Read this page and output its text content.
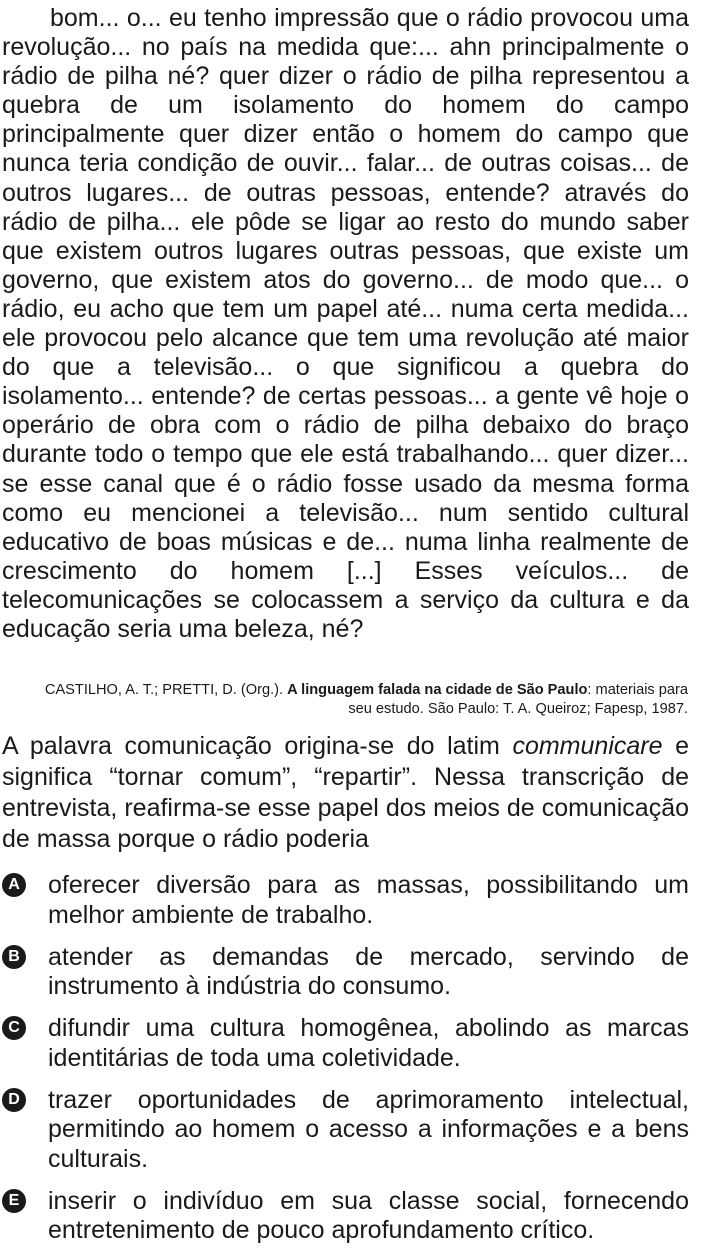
bom... o... eu tenho impressão que o rádio provocou uma revolução... no país na medida que:... ahn principalmente o rádio de pilha né? quer dizer o rádio de pilha representou a quebra de um isolamento do homem do campo principalmente quer dizer então o homem do campo que nunca teria condição de ouvir... falar... de outras coisas... de outros lugares... de outras pessoas, entende? através do rádio de pilha... ele pôde se ligar ao resto do mundo saber que existem outros lugares outras pessoas, que existe um governo, que existem atos do governo... de modo que... o rádio, eu acho que tem um papel até... numa certa medida... ele provocou pelo alcance que tem uma revolução até maior do que a televisão... o que significou a quebra do isolamento... entende? de certas pessoas... a gente vê hoje o operário de obra com o rádio de pilha debaixo do braço durante todo o tempo que ele está trabalhando... quer dizer... se esse canal que é o rádio fosse usado da mesma forma como eu mencionei a televisão... num sentido cultural educativo de boas músicas e de... numa linha realmente de crescimento do homem [...] Esses veículos... de telecomunicações se colocassem a serviço da cultura e da educação seria uma beleza, né?

CASTILHO, A. T.; PRETTI, D. (Org.). A linguagem falada na cidade de São Paulo: materiais para seu estudo. São Paulo: T. A. Queiroz; Fapesp, 1987.

A palavra comunicação origina-se do latim communicare e significa “tornar comum”, “repartir”. Nessa transcrição de entrevista, reafirma-se esse papel dos meios de comunicação de massa porque o rádio poderia

A oferecer diversão para as massas, possibilitando um melhor ambiente de trabalho.
B atender as demandas de mercado, servindo de instrumento à indústria do consumo.
C difundir uma cultura homogênea, abolindo as marcas identitárias de toda uma coletividade.
D trazer oportunidades de aprimoramento intelectual, permitindo ao homem o acesso a informações e a bens culturais.
E inserir o indivíduo em sua classe social, fornecendo entretenimento de pouco aprofundamento crítico.
